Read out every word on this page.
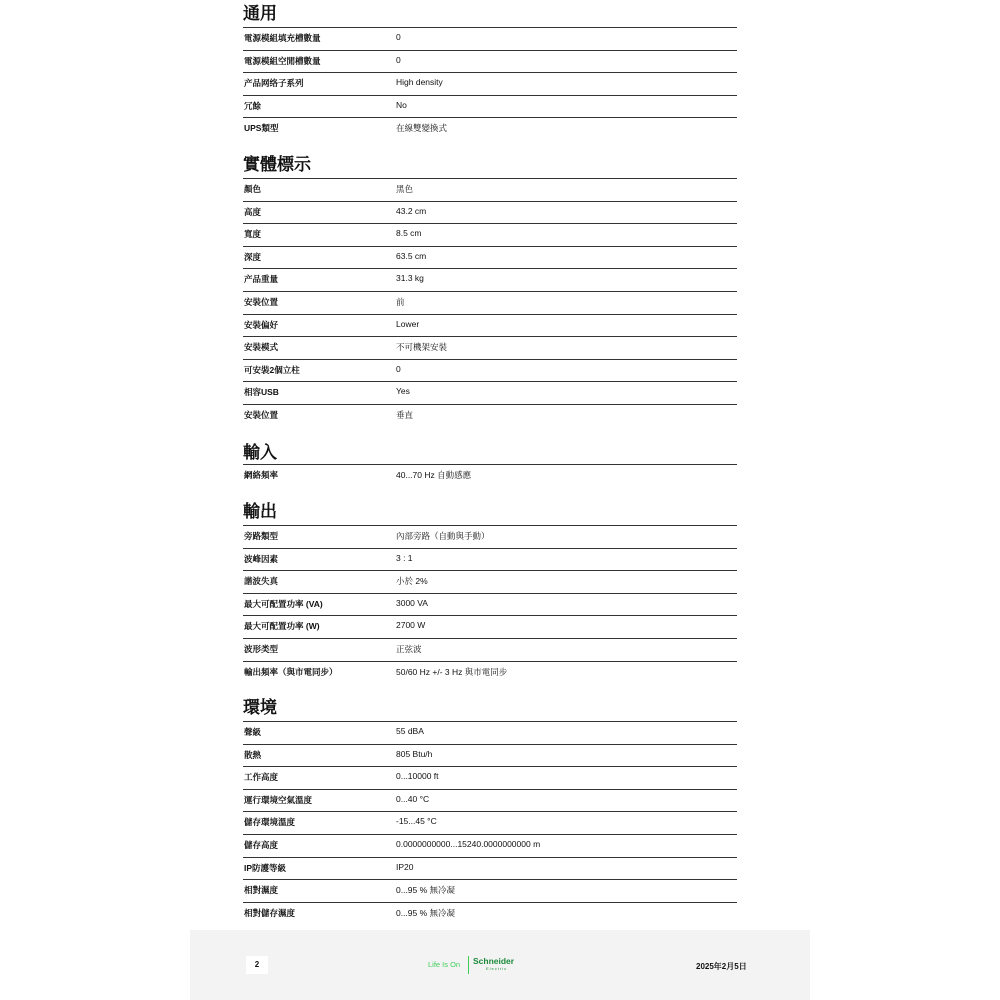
通用
電源模組填充槽數量	0
電源模組空閒槽數量	0
产品网络子系列	High density
冗餘	No
UPS類型	在線雙變換式
實體標示
顏色	黑色
高度	43.2 cm
寬度	8.5 cm
深度	63.5 cm
产品重量	31.3 kg
安裝位置	前
安裝偏好	Lower
安裝模式	不可機架安裝
可安裝2個立柱	0
相容USB	Yes
安裝位置	垂直
輸入
網絡頻率	40...70 Hz 自動感應
輸出
旁路類型	內部旁路（自動與手動）
波峰因素	3 : 1
諧波失真	小於 2%
最大可配置功率 (VA)	3000 VA
最大可配置功率 (W)	2700 W
波形类型	正弦波
輸出頻率（與市電同步）	50/60 Hz +/- 3 Hz 與市電同步
環境
聲級	55 dBA
散熱	805 Btu/h
工作高度	0...10000 ft
運行環境空氣溫度	0...40 °C
儲存環境溫度	-15...45 °C
儲存高度	0.0000000000...15240.0000000000 m
IP防護等級	IP20
相對濕度	0...95 % 無冷凝
相對儲存濕度	0...95 % 無冷凝
2	Life Is On Schneider
Electric	2025年2月5日
